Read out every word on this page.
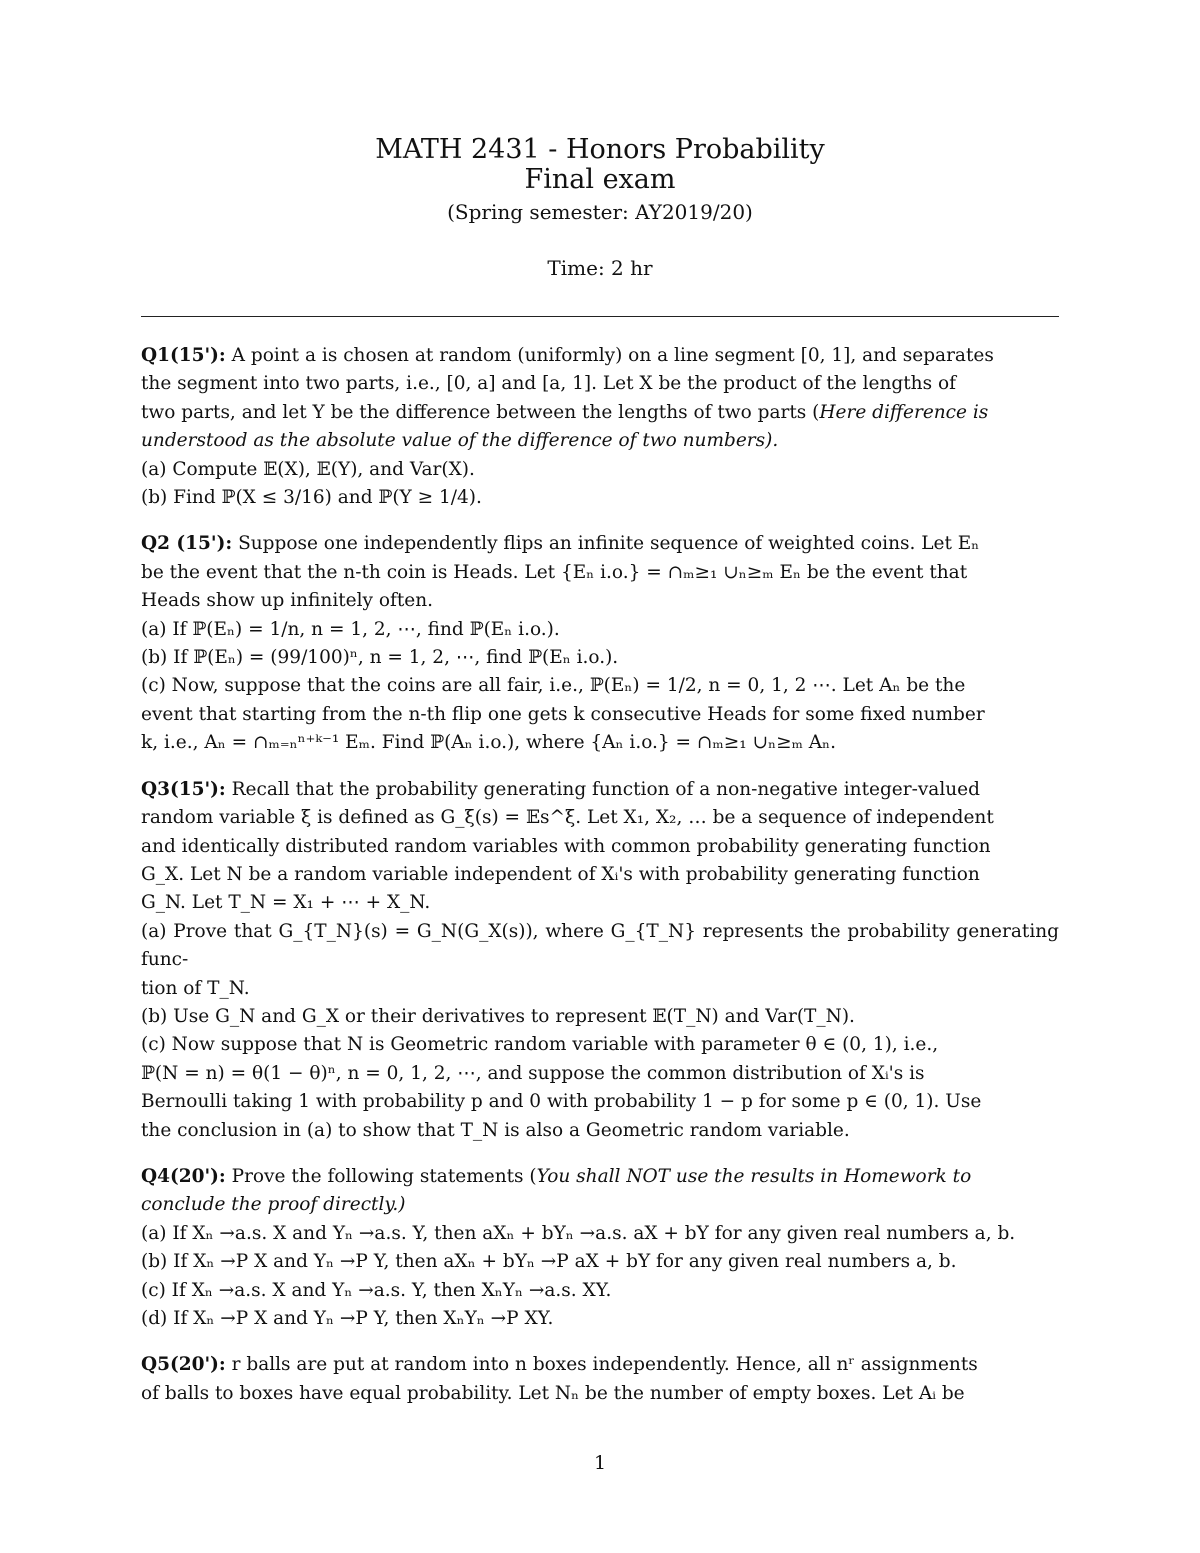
MATH 2431 - Honors Probability
Final exam
(Spring semester: AY2019/20)
Time: 2 hr
Q1(15'): A point a is chosen at random (uniformly) on a line segment [0, 1], and separates
the segment into two parts, i.e., [0, a] and [a, 1]. Let X be the product of the lengths of
two parts, and let Y be the difference between the lengths of two parts (Here difference is
understood as the absolute value of the difference of two numbers).
(a) Compute 𝔼(X), 𝔼(Y), and Var(X).
(b) Find ℙ(X ≤ 3/16) and ℙ(Y ≥ 1/4).
Q2 (15'): Suppose one independently flips an infinite sequence of weighted coins. Let Eₙ
be the event that the n-th coin is Heads. Let {Eₙ i.o.} = ∩ₘ≥₁ ∪ₙ≥ₘ Eₙ be the event that
Heads show up infinitely often.
(a) If ℙ(Eₙ) = 1/n, n = 1, 2, ⋯, find ℙ(Eₙ i.o.).
(b) If ℙ(Eₙ) = (99/100)ⁿ, n = 1, 2, ⋯, find ℙ(Eₙ i.o.).
(c) Now, suppose that the coins are all fair, i.e., ℙ(Eₙ) = 1/2, n = 0, 1, 2 ⋯. Let Aₙ be the
event that starting from the n-th flip one gets k consecutive Heads for some fixed number
k, i.e., Aₙ = ∩ₘ₌ₙⁿ⁺ᵏ⁻¹ Eₘ. Find ℙ(Aₙ i.o.), where {Aₙ i.o.} = ∩ₘ≥₁ ∪ₙ≥ₘ Aₙ.
Q3(15'): Recall that the probability generating function of a non-negative integer-valued
random variable ξ is defined as G_ξ(s) = 𝔼s^ξ. Let X₁, X₂, … be a sequence of independent
and identically distributed random variables with common probability generating function
G_X. Let N be a random variable independent of Xᵢ's with probability generating function
G_N. Let T_N = X₁ + ⋯ + X_N.
(a) Prove that G_{T_N}(s) = G_N(G_X(s)), where G_{T_N} represents the probability generating func-
tion of T_N.
(b) Use G_N and G_X or their derivatives to represent 𝔼(T_N) and Var(T_N).
(c) Now suppose that N is Geometric random variable with parameter θ ∈ (0, 1), i.e.,
ℙ(N = n) = θ(1 − θ)ⁿ, n = 0, 1, 2, ⋯, and suppose the common distribution of Xᵢ's is
Bernoulli taking 1 with probability p and 0 with probability 1 − p for some p ∈ (0, 1). Use
the conclusion in (a) to show that T_N is also a Geometric random variable.
Q4(20'): Prove the following statements (You shall NOT use the results in Homework to
conclude the proof directly.)
(a) If Xₙ →a.s. X and Yₙ →a.s. Y, then aXₙ + bYₙ →a.s. aX + bY for any given real numbers a, b.
(b) If Xₙ →P X and Yₙ →P Y, then aXₙ + bYₙ →P aX + bY for any given real numbers a, b.
(c) If Xₙ →a.s. X and Yₙ →a.s. Y, then XₙYₙ →a.s. XY.
(d) If Xₙ →P X and Yₙ →P Y, then XₙYₙ →P XY.
Q5(20'): r balls are put at random into n boxes independently. Hence, all nʳ assignments
of balls to boxes have equal probability. Let Nₙ be the number of empty boxes. Let Aᵢ be
1
